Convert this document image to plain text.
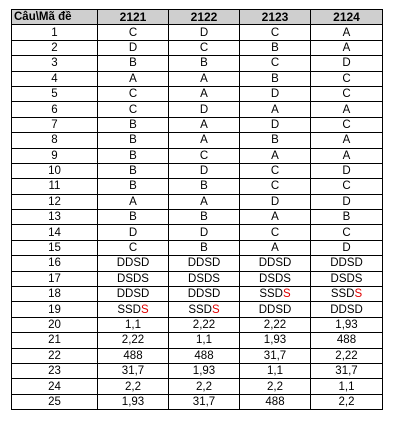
Câu\Mã đề	2121	2122	2123	2124
1	C	D	C	A
2	D	C	B	A
3	B	B	C	D
4	A	A	B	C
5	C	A	D	C
6	C	D	A	A
7	B	A	D	C
8	B	A	B	A
9	B	C	A	A
10	B	D	C	D
11	B	B	C	C
12	A	A	D	D
13	B	B	A	B
14	D	D	C	C
15	C	B	A	D
16	DDSD	DDSD	DDSD	DDSD
17	DSDS	DSDS	DSDS	DSDS
18	DDSD	DDSD	SSDS	SSDS
19	SSDS	SSDS	DDSD	DDSD
20	1,1	2,22	2,22	1,93
21	2,22	1,1	1,93	488
22	488	488	31,7	2,22
23	31,7	1,93	1,1	31,7
24	2,2	2,2	2,2	1,1
25	1,93	31,7	488	2,2
